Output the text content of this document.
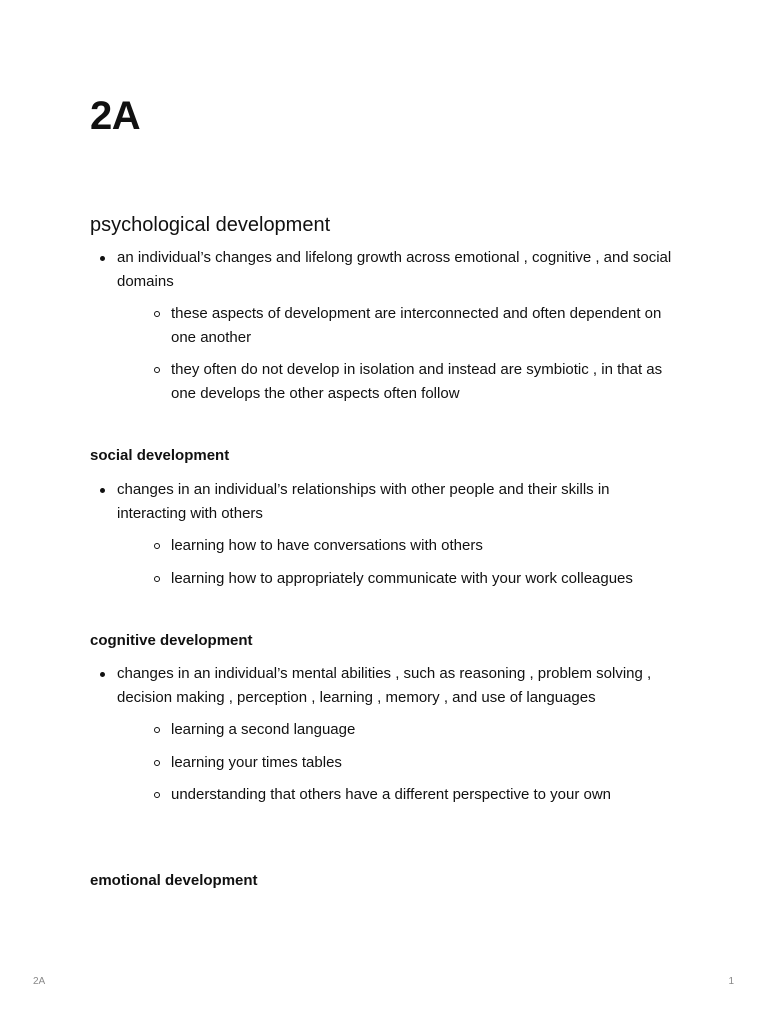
2A
psychological development
an individual’s changes and lifelong growth across emotional , cognitive , and social domains
these aspects of development are interconnected and often dependent on one another
they often do not develop in isolation and instead are symbiotic , in that as one develops the other aspects often follow
social development
changes in an individual’s relationships with other people and their skills in interacting with others
learning how to have conversations with others
learning how to appropriately communicate with your work colleagues
cognitive development
changes in an individual’s mental abilities , such as reasoning , problem solving , decision making , perception , learning , memory , and use of languages
learning a second language
learning your times tables
understanding that others have a different perspective to your own
emotional development
2A	1
